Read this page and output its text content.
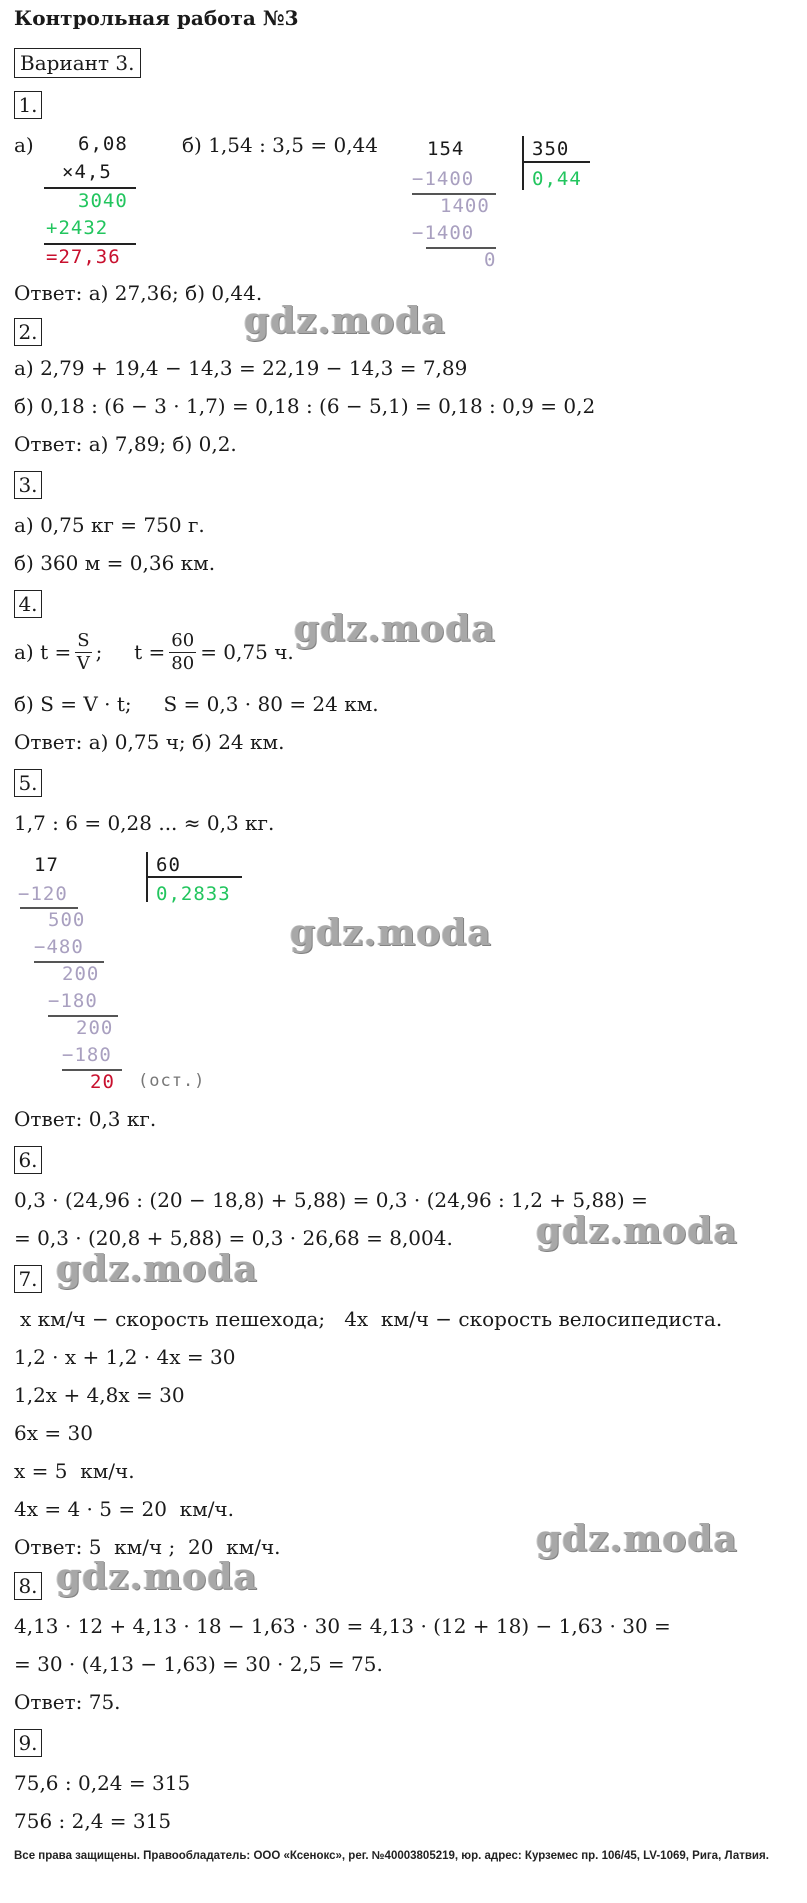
Контрольная работа №3
Вариант 3.
1.
а) 6,08
×4,5
3040
+2432
=27,36
б) 1,54 : 3,5 = 0,44	154	350
0,44
−1400
1400
−1400
0
Ответ: а) 27,36; б) 0,44.
2.
а) 2,79 + 19,4 − 14,3 = 22,19 − 14,3 = 7,89
б) 0,18 : (6 − 3 · 1,7) = 0,18 : (6 − 5,1) = 0,18 : 0,9 = 0,2
Ответ: а) 7,89; б) 0,2.
3.
а) 0,75 кг = 750 г.
б) 360 м = 0,36 км.
4.
а) $t = \frac{S}{V}$ ;     $t = \frac{60}{80} = 0,75$ ч.
б) S = V · t;     S = 0,3 · 80 = 24 км.
Ответ: а) 0,75 ч; б) 24 км.
5.
1,7 : 6 = 0,28 ... ≈ 0,3 кг.
17	60
0,2833
−120
500
−480
200
−180
200
−180
20 (ост.)
Ответ: 0,3 кг.
6.
0,3 · (24,96 : (20 − 18,8) + 5,88) = 0,3 · (24,96 : 1,2 + 5,88) =
= 0,3 · (20,8 + 5,88) = 0,3 · 26,68 = 8,004.
7.
x км/ч − скорость пешехода;   4x  км/ч − скорость велосипедиста.
1,2 · x + 1,2 · 4x = 30
1,2x + 4,8x = 30
6x = 30
x = 5  км/ч.
4x = 4 · 5 = 20  км/ч.
Ответ: 5  км/ч ;  20  км/ч.
8.
4,13 · 12 + 4,13 · 18 − 1,63 · 30 = 4,13 · (12 + 18) − 1,63 · 30 =
= 30 · (4,13 − 1,63) = 30 · 2,5 = 75.
Ответ: 75.
9.
75,6 : 0,24 = 315
756 : 2,4 = 315
Все права защищены. Правообладатель: ООО «Ксенокс», рег. №40003805219, юр. адрес: Курземес пр. 106/45, LV-1069, Рига, Латвия.
gdz.moda
gdz.moda
gdz.moda
gdz.moda
gdz.moda
gdz.moda
gdz.moda
